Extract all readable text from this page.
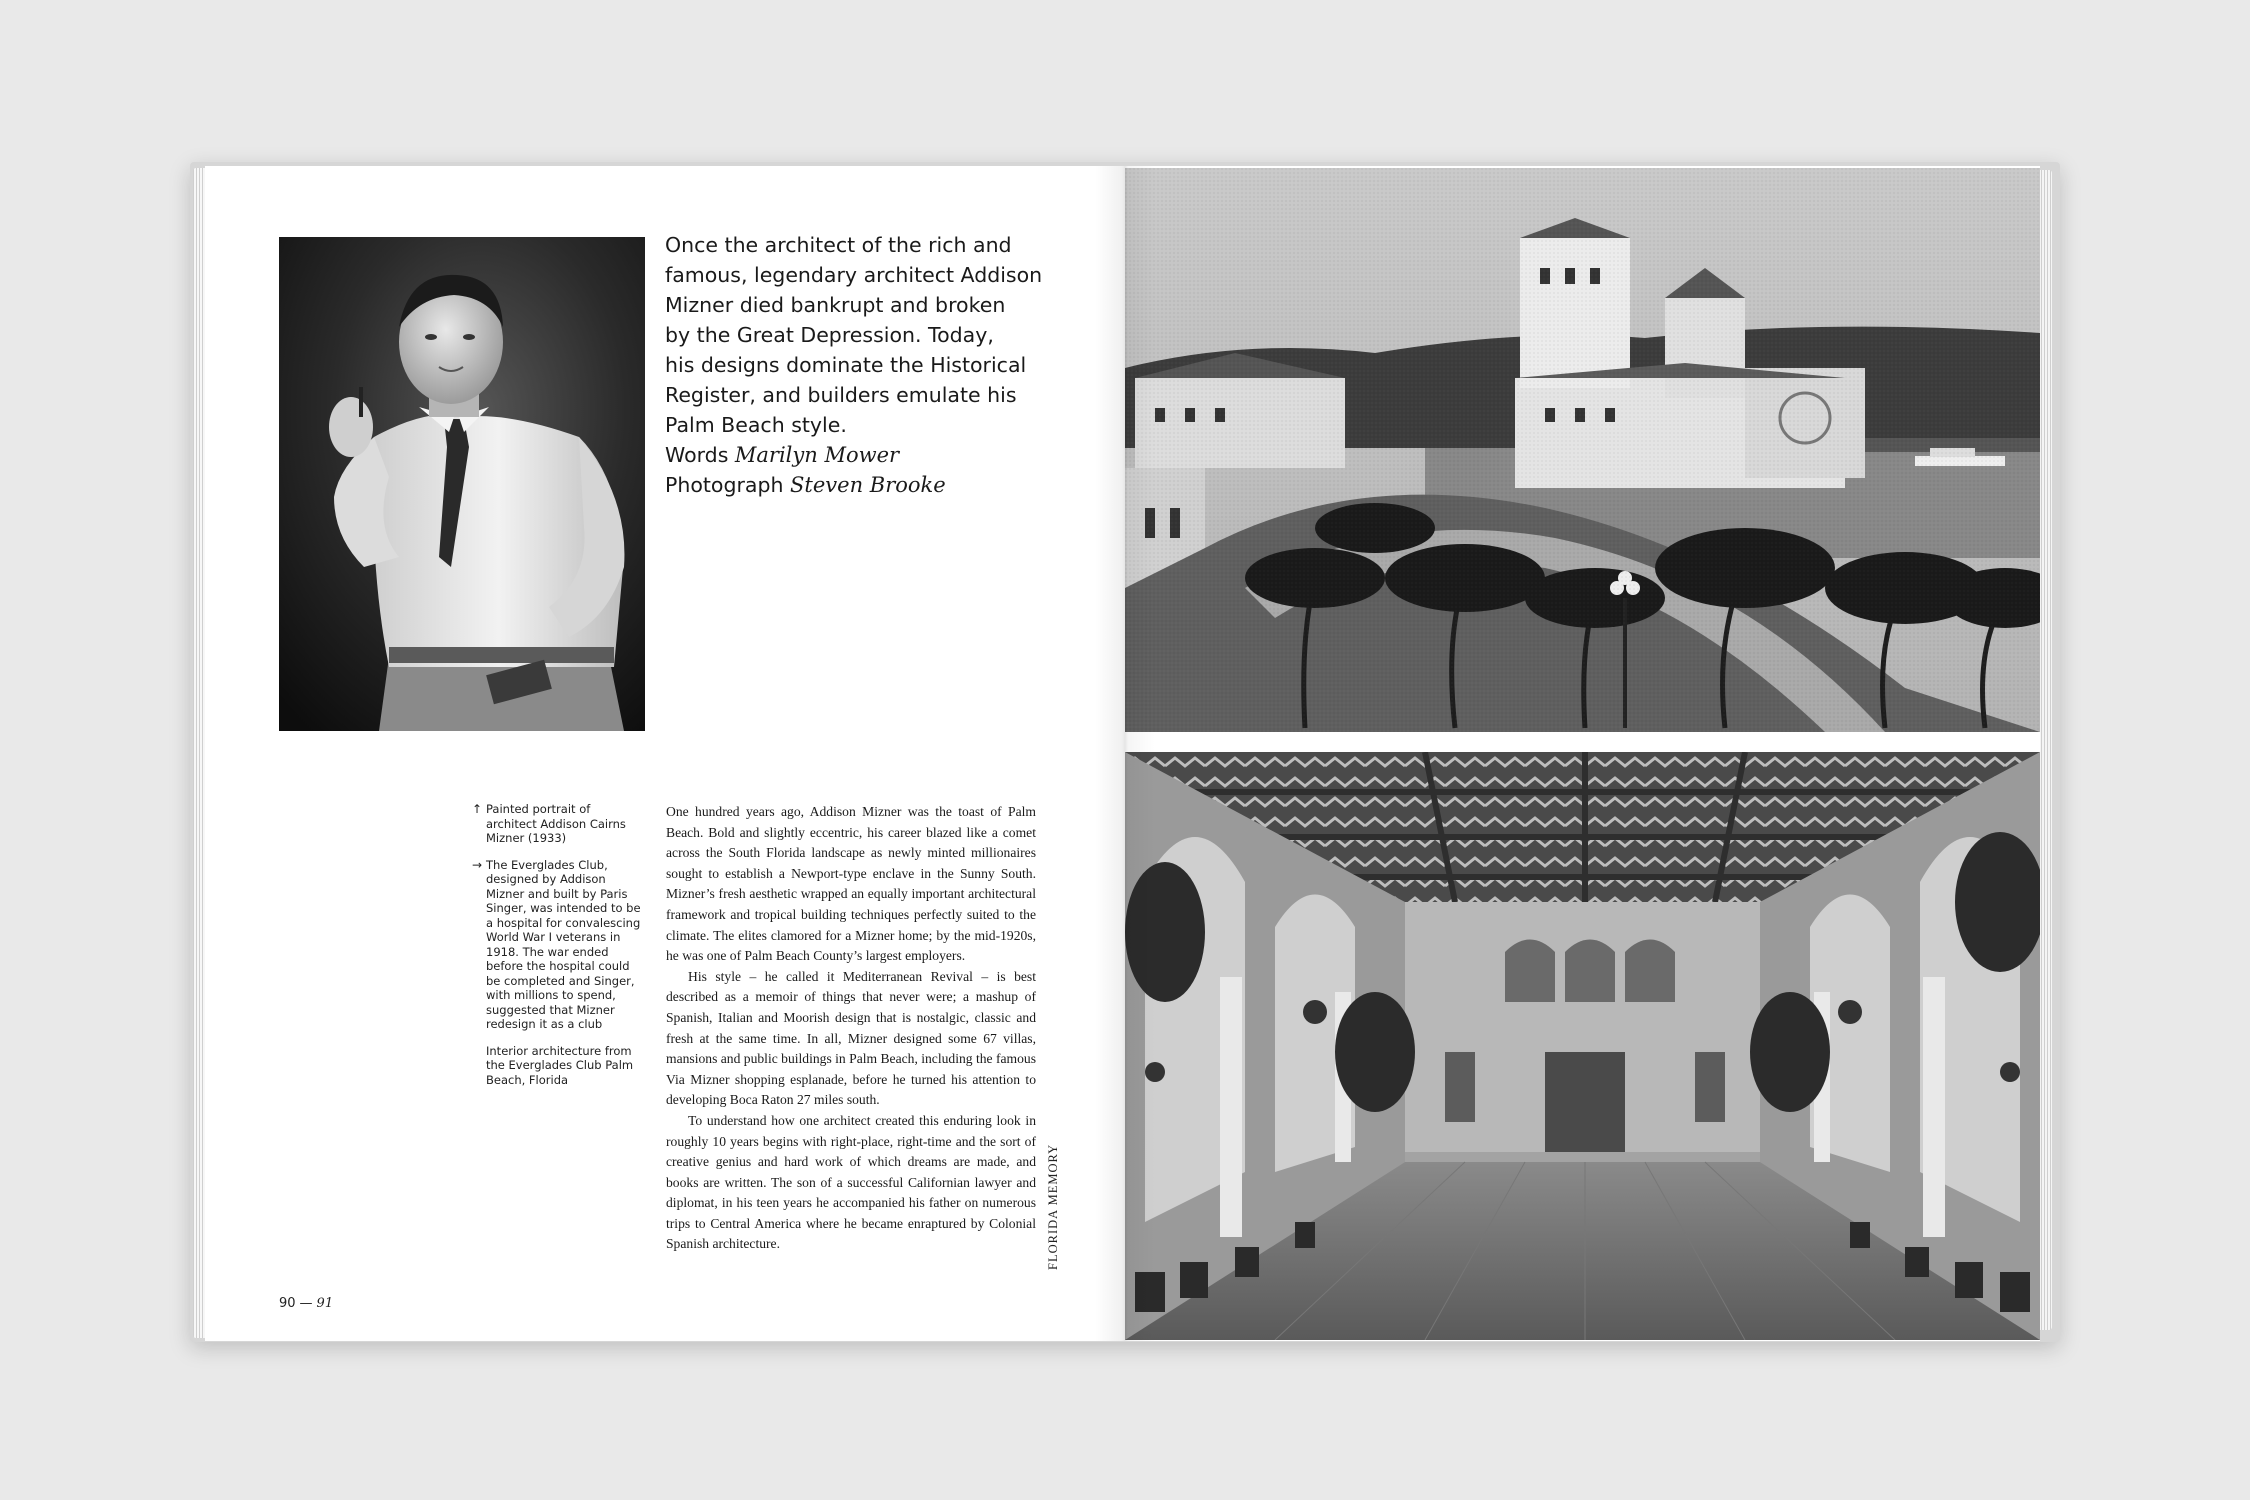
Once the architect of the rich and
famous, legendary architect Addison
Mizner died bankrupt and broken
by the Great Depression. Today,
his designs dominate the Historical
Register, and builders emulate his
Palm Beach style.
Words Marilyn Mower
Photograph Steven Brooke
↑ Painted portrait of architect Addison Cairns Mizner (1933)
→ The Everglades Club, designed by Addison Mizner and built by Paris Singer, was intended to be a hospital for convalescing World War I veterans in 1918. The war ended before the hospital could be completed and Singer, with millions to spend, suggested that Mizner redesign it as a club
Interior architecture from the Everglades Club Palm Beach, Florida

One hundred years ago, Addison Mizner was the toast of Palm Beach. Bold and slightly eccentric, his career blazed like a comet across the South Florida landscape as newly minted millionaires sought to establish a Newport-type enclave in the Sunny South. Mizner’s fresh aesthetic wrapped an equally important architectural framework and tropical building techniques perfectly suited to the climate. The elites clamored for a Mizner home; by the mid-1920s, he was one of Palm Beach County’s largest employers.

His style – he called it Mediterranean Revival – is best described as a memoir of things that never were; a mashup of Spanish, Italian and Moorish design that is nostalgic, classic and fresh at the same time. In all, Mizner designed some 67 villas, mansions and public buildings in Palm Beach, including the famous Via Mizner shopping esplanade, before he turned his attention to developing Boca Raton 27 miles south.

To understand how one architect created this enduring look in roughly 10 years begins with right-place, right-time and the sort of creative genius and hard work of which dreams are made, and books are written. The son of a successful Californian lawyer and diplomat, in his teen years he accompanied his father on numerous trips to Central America where he became enraptured by Colonial Spanish architecture.	FLORIDA MEMORY
90 — 91
